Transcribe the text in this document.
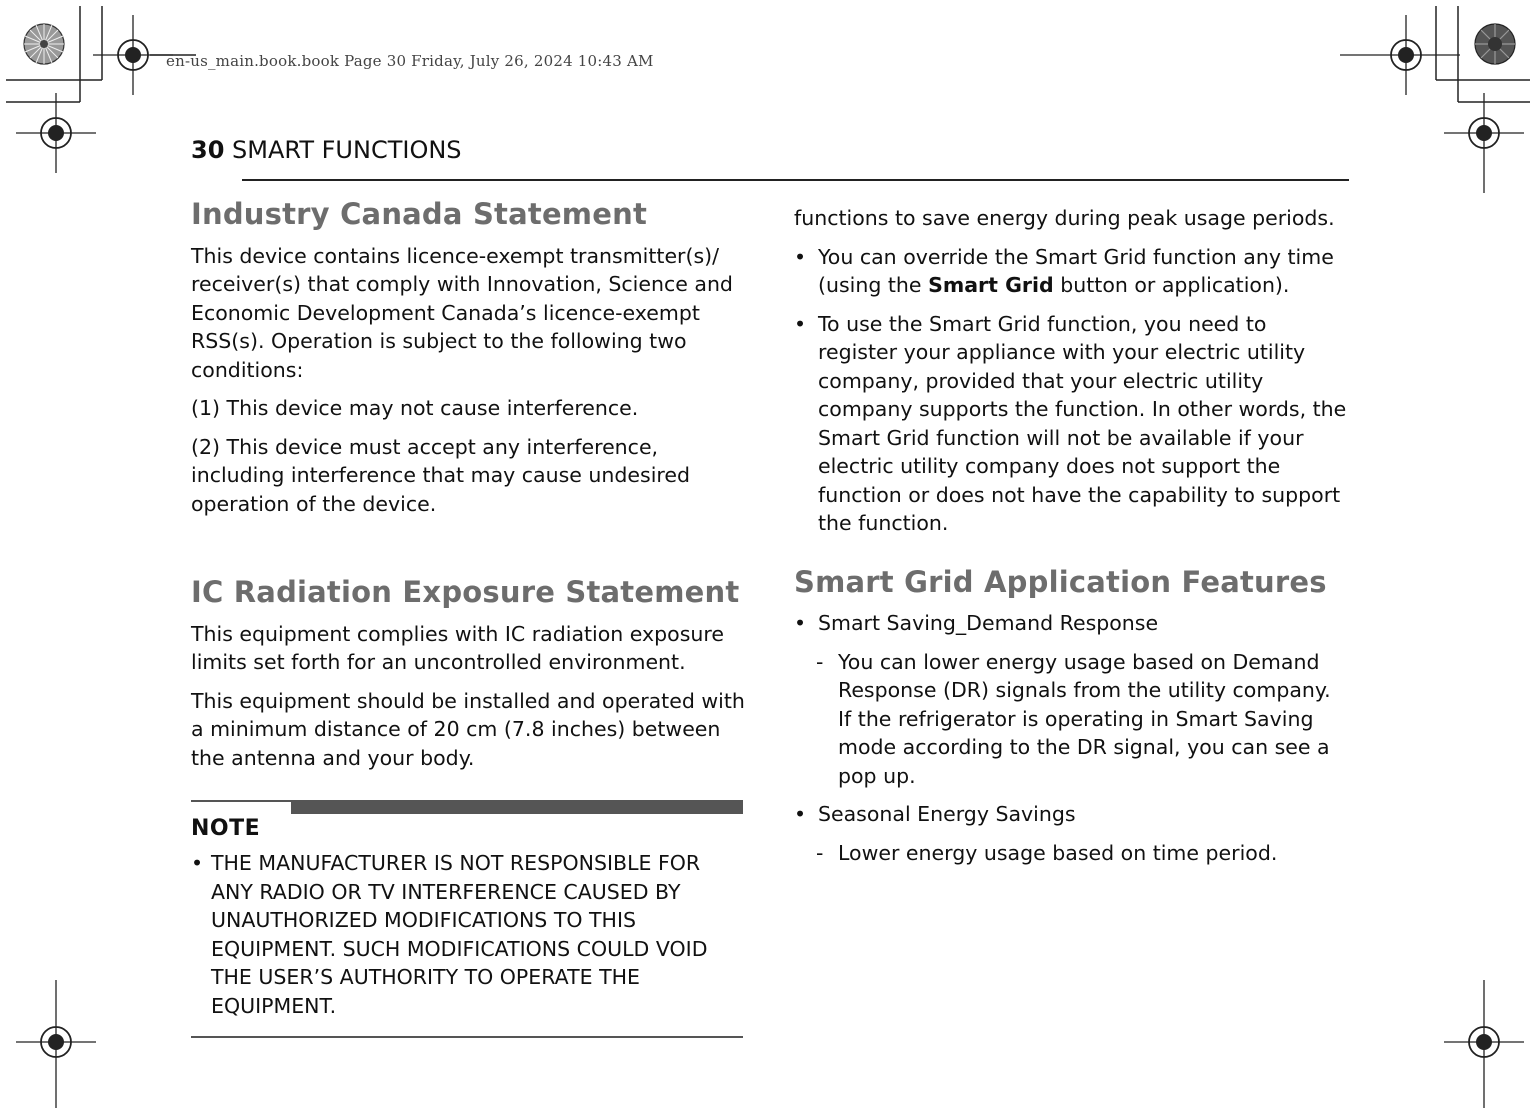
en-us_main.book.book Page 30 Friday, July 26, 2024 10:43 AM
30 SMART FUNCTIONS
Industry Canada Statement

This device contains licence-exempt transmitter(s)/ receiver(s) that comply with Innovation, Science and Economic Development Canada’s licence-exempt RSS(s). Operation is subject to the following two conditions:

(1) This device may not cause interference.

(2) This device must accept any interference, including interference that may cause undesired operation of the device.

IC Radiation Exposure Statement

This equipment complies with IC radiation exposure limits set forth for an uncontrolled environment.

This equipment should be installed and operated with a minimum distance of 20 cm (7.8 inches) between the antenna and your body.

NOTE
• THE MANUFACTURER IS NOT RESPONSIBLE FOR ANY RADIO OR TV INTERFERENCE CAUSED BY UNAUTHORIZED MODIFICATIONS TO THIS EQUIPMENT. SUCH MODIFICATIONS COULD VOID THE USER’S AUTHORITY TO OPERATE THE EQUIPMENT.

functions to save energy during peak usage periods.

• You can override the Smart Grid function any time (using the Smart Grid button or application).
• To use the Smart Grid function, you need to register your appliance with your electric utility company, provided that your electric utility company supports the function. In other words, the Smart Grid function will not be available if your electric utility company does not support the function or does not have the capability to support the function.
Smart Grid Application Features
• Smart Saving_Demand Response
- You can lower energy usage based on Demand Response (DR) signals from the utility company. If the refrigerator is operating in Smart Saving mode according to the DR signal, you can see a pop up.
• Seasonal Energy Savings
- Lower energy usage based on time period.
